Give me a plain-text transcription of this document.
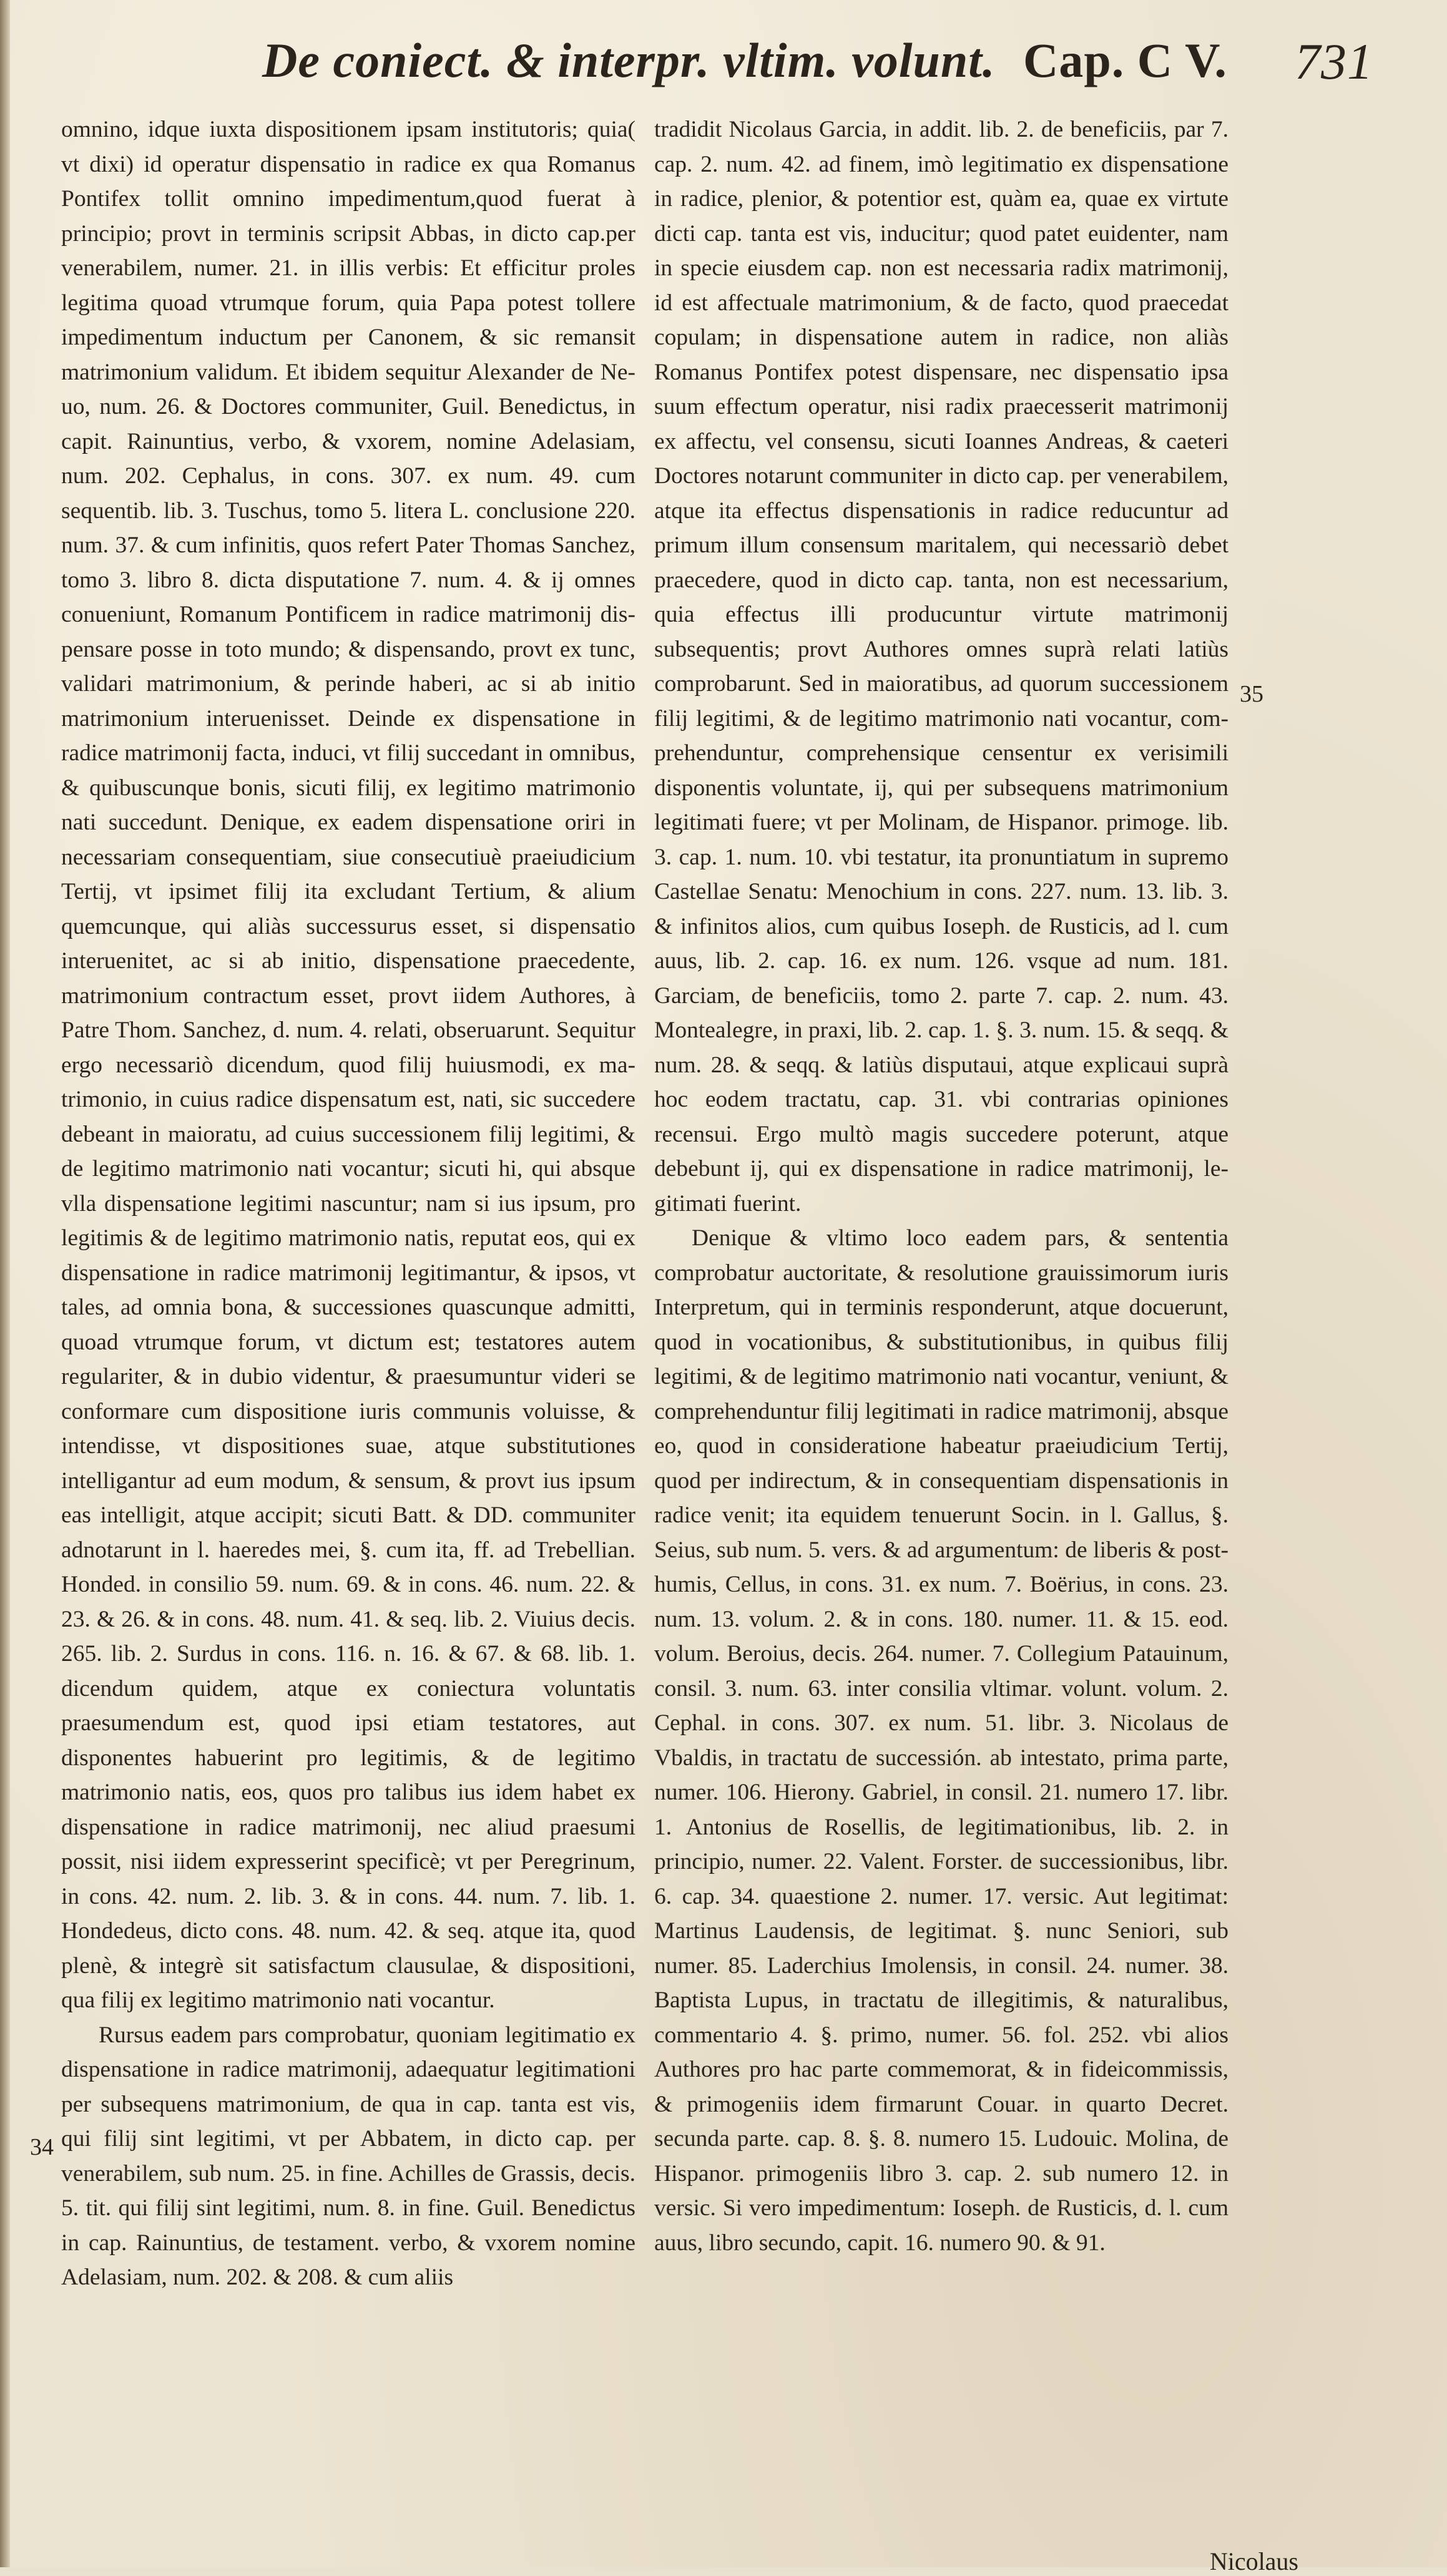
De coniect. & interpr. vltim. volunt. Cap. C V. 731

omnino, idque iuxta dispositionem ipsam institutoris; quia( vt dixi) id operatur dispensatio in radice ex qua Romanus Pontifex tollit omnino impedimentum,quod fuerat à principio; provt in terminis scripsit Abbas, in dicto cap.per venerabilem, numer. 21. in illis verbis: Et efficitur proles legitima quoad vtrumque forum, quia Papa potest tollere impedimentum inductum per Canonem, & sic remansit matrimonium validum. Et ibidem sequitur Alexander de Neuo, num. 26. & Doctores communiter, Guil. Benedictus, in capit. Rainuntius, verbo, & vxorem, nomine Adelasiam, num. 202. Cephalus, in cons. 307. ex num. 49. cum sequentib. lib. 3. Tuschus, tomo 5. litera L. conclusione 220. num. 37. & cum infinitis, quos refert Pater Thomas Sanchez, tomo 3. libro 8. dicta disputatione 7. num. 4. & ij omnes conueniunt, Romanum Pontificem in radice matrimonij dispensare posse in toto mundo; & dispensando, provt ex tunc, validari matrimonium, & perinde haberi, ac si ab initio matrimonium interuenisset. Deinde ex dispensatione in radice matrimonij facta, induci, vt filij succedant in omnibus, & quibuscunque bonis, sicuti filij, ex legitimo matrimonio nati succedunt. Denique, ex eadem dispensatione oriri in necessariam consequentiam, siue consecutiuè praeiudicium Tertij, vt ipsimet filij ita excludant Tertium, & alium quemcunque, qui aliàs successurus esset, si dispensatio interuenitet, ac si ab initio, dispensatione praecedente, matrimonium contractum esset, provt iidem Authores, à Patre Thom. Sanchez, d. num. 4. relati, obseruarunt. Sequitur ergo necessariò dicendum, quod filij huiusmodi, ex matrimonio, in cuius radice dispensatum est, nati, sic succedere debeant in maioratu, ad cuius successionem filij legitimi, & de legitimo matrimonio nati vocantur; sicuti hi, qui absque vlla dispensatione legitimi nascuntur; nam si ius ipsum, pro legitimis & de legitimo matrimonio natis, reputat eos, qui ex dispensatione in radice matrimonij legitimantur, & ipsos, vt tales, ad omnia bona, & successiones quascunque admitti, quoad vtrumque forum, vt dictum est; testatores autem regulariter, & in dubio videntur, & praesumuntur videri se conformare cum dispositione iuris communis voluisse, & intendisse, vt dispositiones suae, atque substitutiones intelligantur ad eum modum, & sensum, & provt ius ipsum eas intelligit, atque accipit; sicuti Batt. & DD. communiter adnotarunt in l. haeredes mei, §. cum ita, ff. ad Trebellian. Honded. in consilio 59. num. 69. & in cons. 46. num. 22. & 23. & 26. & in cons. 48. num. 41. & seq. lib. 2. Viuius decis. 265. lib. 2. Surdus in cons. 116. n. 16. & 67. & 68. lib. 1. dicendum quidem, atque ex coniectura voluntatis praesumendum est, quod ipsi etiam testatores, aut disponentes habuerint pro legitimis, & de legitimo matrimonio natis, eos, quos pro talibus ius idem habet ex dispensatione in radice matrimonij, nec aliud praesumi possit, nisi iidem expresserint specificè; vt per Peregrinum, in cons. 42. num. 2. lib. 3. & in cons. 44. num. 7. lib. 1. Hondedeus, dicto cons. 48. num. 42. & seq. atque ita, quod plenè, & integrè sit satisfactum clausulae, & dispositioni, qua filij ex legitimo matrimonio nati vocantur.

Rursus eadem pars comprobatur, quoniam legitimatio ex dispensatione in radice matrimonij, adaequatur legitimationi per subsequens matrimonium, de qua in cap. tanta est vis, qui filij sint legitimi, vt per Abbatem, in dicto cap. per venerabilem, sub num. 25. in fine. Achilles de Grassis, decis. 5. tit. qui filij sint legitimi, num. 8. in fine. Guil. Benedictus in cap. Rainuntius, de testament. verbo, & vxorem nomine Adelasiam, num. 202. & 208. & cum aliis

tradidit Nicolaus Garcia, in addit. lib. 2. de beneficiis, par 7. cap. 2. num. 42. ad finem, imò legitimatio ex dispensatione in radice, plenior, & potentior est, quàm ea, quae ex virtute dicti cap. tanta est vis, inducitur; quod patet euidenter, nam in specie eiusdem cap. non est necessaria radix matrimonij, id est affectuale matrimonium, & de facto, quod praecedat copulam; in dispensatione autem in radice, non aliàs Romanus Pontifex potest dispensare, nec dispensatio ipsa suum effectum operatur, nisi radix praecesserit matrimonij ex affectu, vel consensu, sicuti Ioannes Andreas, & caeteri Doctores notarunt communiter in dicto cap. per venerabilem, atque ita effectus dispensationis in radice reducuntur ad primum illum consensum maritalem, qui necessariò debet praecedere, quod in dicto cap. tanta, non est necessarium, quia effectus illi producuntur virtute matrimonij subsequentis; provt Authores omnes suprà relati latiùs comprobarunt. Sed in maioratibus, ad quorum successionem filij legitimi, & de legitimo matrimonio nati vocantur, comprehenduntur, comprehensique censentur ex verisimili disponentis voluntate, ij, qui per subsequens matrimonium legitimati fuere; vt per Molinam, de Hispanor. primoge. lib. 3. cap. 1. num. 10. vbi testatur, ita pronuntiatum in supremo Castellae Senatu: Menochium in cons. 227. num. 13. lib. 3. & infinitos alios, cum quibus Ioseph. de Rusticis, ad l. cum auus, lib. 2. cap. 16. ex num. 126. vsque ad num. 181. Garciam, de beneficiis, tomo 2. parte 7. cap. 2. num. 43. Montealegre, in praxi, lib. 2. cap. 1. §. 3. num. 15. & seqq. & num. 28. & seqq. & latiùs disputaui, atque explicaui suprà hoc eodem tractatu, cap. 31. vbi contrarias opiniones recensui. Ergo multò magis succedere poterunt, atque debebunt ij, qui ex dispensatione in radice matrimonij, legitimati fuerint.

Denique & vltimo loco eadem pars, & sententia comprobatur auctoritate, & resolutione grauissimorum iuris Interpretum, qui in terminis responderunt, atque docuerunt, quod in vocationibus, & substitutionibus, in quibus filij legitimi, & de legitimo matrimonio nati vocantur, veniunt, & comprehenduntur filij legitimati in radice matrimonij, absque eo, quod in consideratione habeatur praeiudicium Tertij, quod per indirectum, & in consequentiam dispensationis in radice venit; ita equidem tenuerunt Socin. in l. Gallus, §. Seius, sub num. 5. vers. & ad argumentum: de liberis & posthumis, Cellus, in cons. 31. ex num. 7. Boërius, in cons. 23. num. 13. volum. 2. & in cons. 180. numer. 11. & 15. eod. volum. Beroius, decis. 264. numer. 7. Collegium Patauinum, consil. 3. num. 63. inter consilia vltimar. volunt. volum. 2. Cephal. in cons. 307. ex num. 51. libr. 3. Nicolaus de Vbaldis, in tractatu de successión. ab intestato, prima parte, numer. 106. Hierony. Gabriel, in consil. 21. numero 17. libr. 1. Antonius de Rosellis, de legitimationibus, lib. 2. in principio, numer. 22. Valent. Forster. de successionibus, libr. 6. cap. 34. quaestione 2. numer. 17. versic. Aut legitimat: Martinus Laudensis, de legitimat. §. nunc Seniori, sub numer. 85. Laderchius Imolensis, in consil. 24. numer. 38. Baptista Lupus, in tractatu de illegitimis, & naturalibus, commentario 4. §. primo, numer. 56. fol. 252. vbi alios Authores pro hac parte commemorat, & in fideicommissis, & primogeniis idem firmarunt Couar. in quarto Decret. secunda parte. cap. 8. §. 8. numero 15. Ludouic. Molina, de Hispanor. primogeniis libro 3. cap. 2. sub numero 12. in versic. Si vero impedimentum: Ioseph. de Rusticis, d. l. cum auus, libro secundo, capit. 16. numero 90. & 91.

34
35
Nicolaus
